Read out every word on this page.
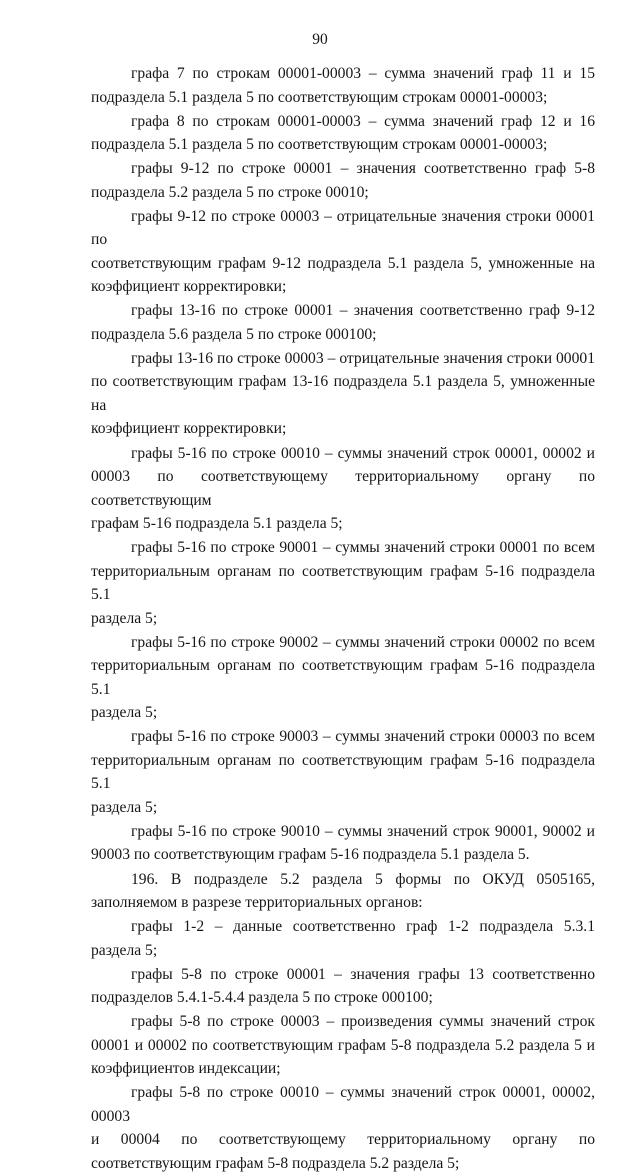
90

графа 7 по строкам 00001-00003 – сумма значений граф 11 и 15
подраздела 5.1 раздела 5 по соответствующим строкам 00001-00003;

графа 8 по строкам 00001-00003 – сумма значений граф 12 и 16
подраздела 5.1 раздела 5 по соответствующим строкам 00001-00003;

графы 9-12 по строке 00001 – значения соответственно граф 5-8
подраздела 5.2 раздела 5 по строке 00010;

графы 9-12 по строке 00003 – отрицательные значения строки 00001 по
соответствующим графам 9-12 подраздела 5.1 раздела 5, умноженные на
коэффициент корректировки;

графы 13-16 по строке 00001 – значения соответственно граф 9-12
подраздела 5.6 раздела 5 по строке 000100;

графы 13-16 по строке 00003 – отрицательные значения строки 00001
по соответствующим графам 13-16 подраздела 5.1 раздела 5, умноженные на
коэффициент корректировки;

графы 5-16 по строке 00010 – суммы значений строк 00001, 00002 и
00003 по соответствующему территориальному органу по соответствующим
графам 5-16 подраздела 5.1 раздела 5;

графы 5-16 по строке 90001 – суммы значений строки 00001 по всем
территориальным органам по соответствующим графам 5-16 подраздела 5.1
раздела 5;

графы 5-16 по строке 90002 – суммы значений строки 00002 по всем
территориальным органам по соответствующим графам 5-16 подраздела 5.1
раздела 5;

графы 5-16 по строке 90003 – суммы значений строки 00003 по всем
территориальным органам по соответствующим графам 5-16 подраздела 5.1
раздела 5;

графы 5-16 по строке 90010 – суммы значений строк 90001, 90002 и
90003 по соответствующим графам 5-16 подраздела 5.1 раздела 5.

196. В подразделе 5.2 раздела 5 формы по ОКУД 0505165,
заполняемом в разрезе территориальных органов:

графы 1-2 – данные соответственно граф 1-2 подраздела 5.3.1 раздела 5;

графы 5-8 по строке 00001 – значения графы 13 соответственно
подразделов 5.4.1-5.4.4 раздела 5 по строке 000100;

графы 5-8 по строке 00003 – произведения суммы значений строк
00001 и 00002 по соответствующим графам 5-8 подраздела 5.2 раздела 5 и
коэффициентов индексации;

графы 5-8 по строке 00010 – суммы значений строк 00001, 00002, 00003
и 00004 по соответствующему территориальному органу по
соответствующим графам 5-8 подраздела 5.2 раздела 5;
